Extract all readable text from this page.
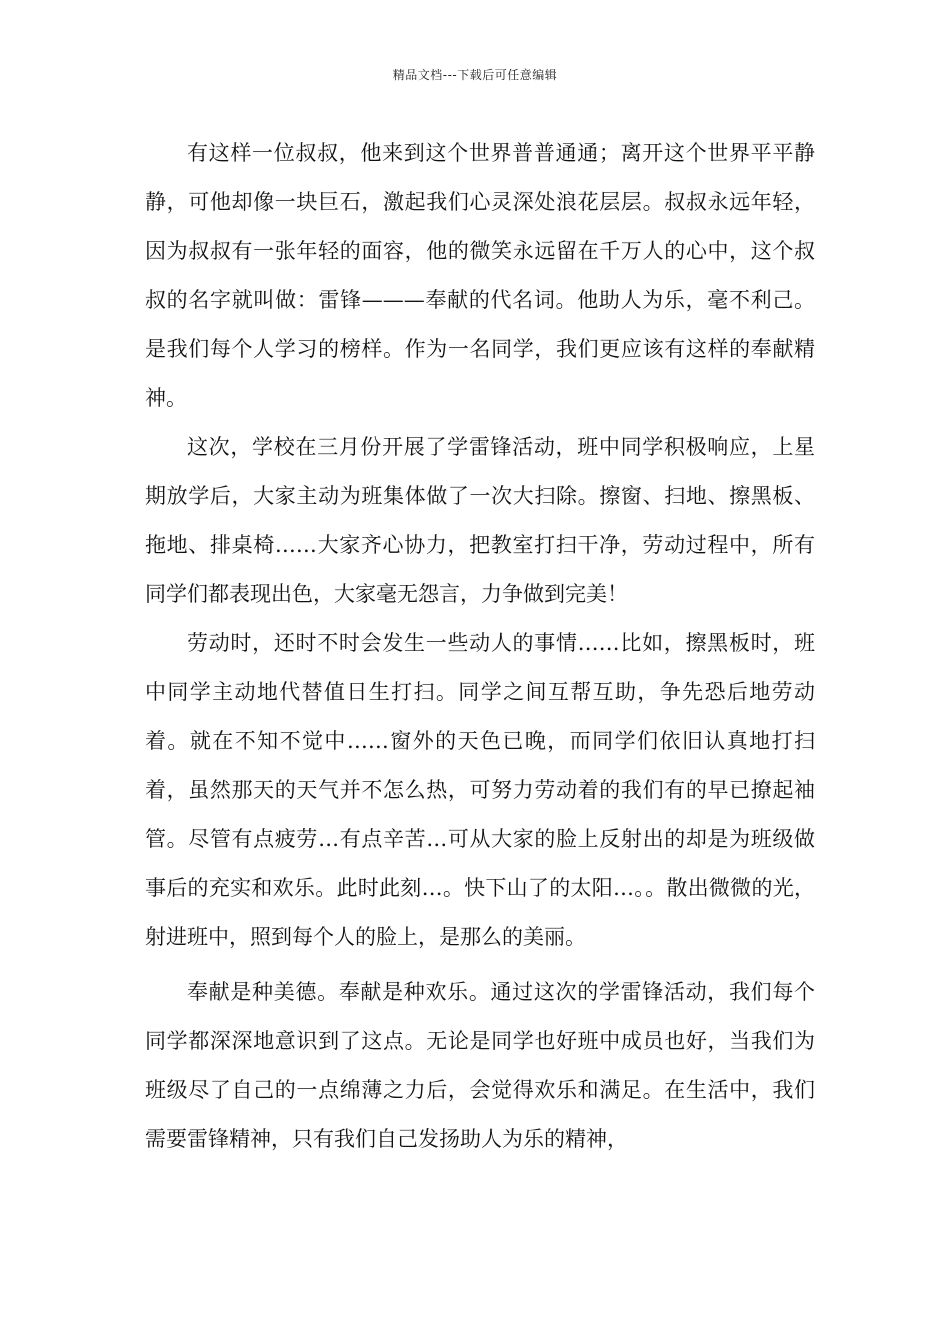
精品文档---下载后可任意编辑

有这样一位叔叔，他来到这个世界普普通通；离开这个世界平平静静，可他却像一块巨石，激起我们心灵深处浪花层层。叔叔永远年轻，因为叔叔有一张年轻的面容，他的微笑永远留在千万人的心中，这个叔叔的名字就叫做：雷锋———奉献的代名词。他助人为乐，毫不利己。是我们每个人学习的榜样。作为一名同学，我们更应该有这样的奉献精神。

这次，学校在三月份开展了学雷锋活动，班中同学积极响应，上星期放学后，大家主动为班集体做了一次大扫除。擦窗、扫地、擦黑板、拖地、排桌椅……大家齐心协力，把教室打扫干净，劳动过程中，所有同学们都表现出色，大家毫无怨言，力争做到完美！

劳动时，还时不时会发生一些动人的事情……比如，擦黑板时，班中同学主动地代替值日生打扫。同学之间互帮互助，争先恐后地劳动着。就在不知不觉中……窗外的天色已晚，而同学们依旧认真地打扫着，虽然那天的天气并不怎么热，可努力劳动着的我们有的早已撩起袖管。尽管有点疲劳…有点辛苦…可从大家的脸上反射出的却是为班级做事后的充实和欢乐。此时此刻…。快下山了的太阳…。。散出微微的光，射进班中，照到每个人的脸上，是那么的美丽。

奉献是种美德。奉献是种欢乐。通过这次的学雷锋活动，我们每个同学都深深地意识到了这点。无论是同学也好班中成员也好，当我们为班级尽了自己的一点绵薄之力后，会觉得欢乐和满足。在生活中，我们需要雷锋精神，只有我们自己发扬助人为乐的精神，
